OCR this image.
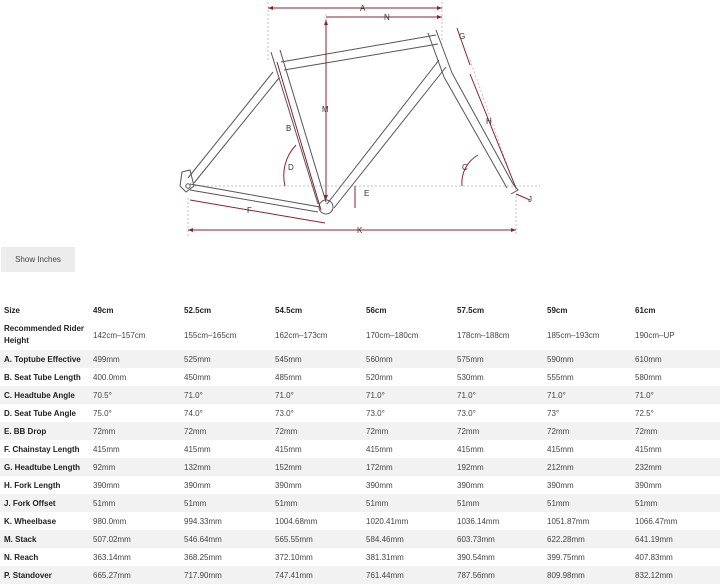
A
N
G
M
B
H
D	C
E
J
F
K
Show Inches
Size	49cm	52.5cm	54.5cm	56cm	57.5cm	59cm	61cm
Recommended Rider Height	142cm–157cm	155cm–165cm	162cm–173cm	170cm–180cm	178cm–188cm	185cm–193cm	190cm–UP
A. Toptube Effective	499mm	525mm	545mm	560mm	575mm	590mm	610mm
B. Seat Tube Length	400.0mm	450mm	485mm	520mm	530mm	555mm	580mm
C. Headtube Angle	70.5°	71.0°	71.0°	71.0°	71.0°	71.0°	71.0°
D. Seat Tube Angle	75.0°	74.0°	73.0°	73.0°	73.0°	73°	72.5°
E. BB Drop	72mm	72mm	72mm	72mm	72mm	72mm	72mm
F. Chainstay Length	415mm	415mm	415mm	415mm	415mm	415mm	415mm
G. Headtube Length	92mm	132mm	152mm	172mm	192mm	212mm	232mm
H. Fork Length	390mm	390mm	390mm	390mm	390mm	390mm	390mm
J. Fork Offset	51mm	51mm	51mm	51mm	51mm	51mm	51mm
K. Wheelbase	980.0mm	994.33mm	1004.68mm	1020.41mm	1036.14mm	1051.87mm	1066.47mm
M. Stack	507.02mm	546.64mm	565.55mm	584.46mm	603.73mm	622.28mm	641.19mm
N. Reach	363.14mm	368.25mm	372.10mm	381.31mm	390.54mm	399.75mm	407.83mm
P. Standover	665.27mm	717.90mm	747.41mm	761.44mm	787.56mm	809.98mm	832.12mm
